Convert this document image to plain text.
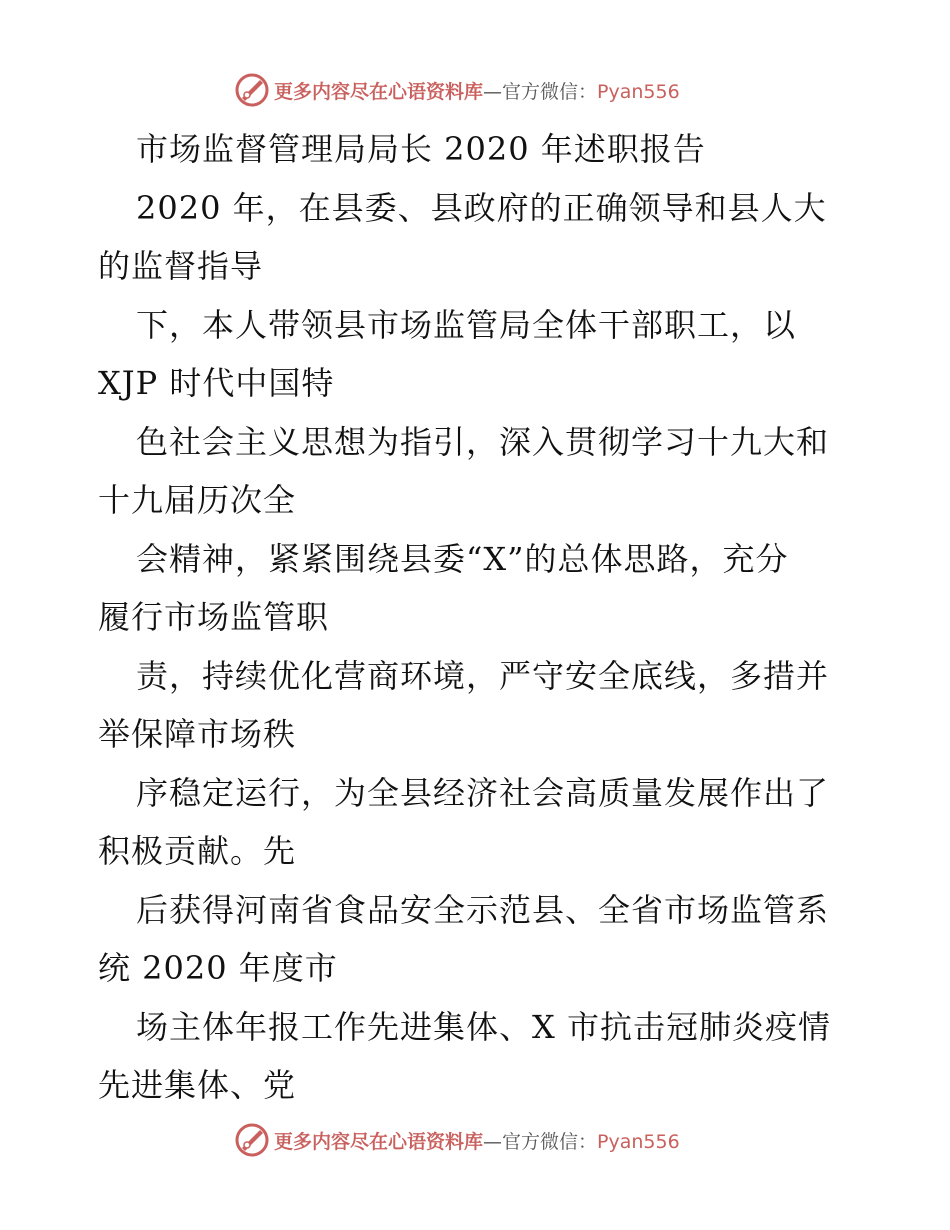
更多内容尽在心语资料库—官方微信：Pyan556
市场监督管理局局长 2020 年述职报告
2020 年，在县委、县政府的正确领导和县人大
的监督指导
下，本人带领县市场监管局全体干部职工，以
XJP 时代中国特
色社会主义思想为指引，深入贯彻学习十九大和
十九届历次全
会精神，紧紧围绕县委“X”的总体思路，充分
履行市场监管职
责，持续优化营商环境，严守安全底线，多措并
举保障市场秩
序稳定运行，为全县经济社会高质量发展作出了
积极贡献。先
后获得河南省食品安全示范县、全省市场监管系
统 2020 年度市
场主体年报工作先进集体、X 市抗击冠肺炎疫情
先进集体、党
更多内容尽在心语资料库—官方微信：Pyan556
